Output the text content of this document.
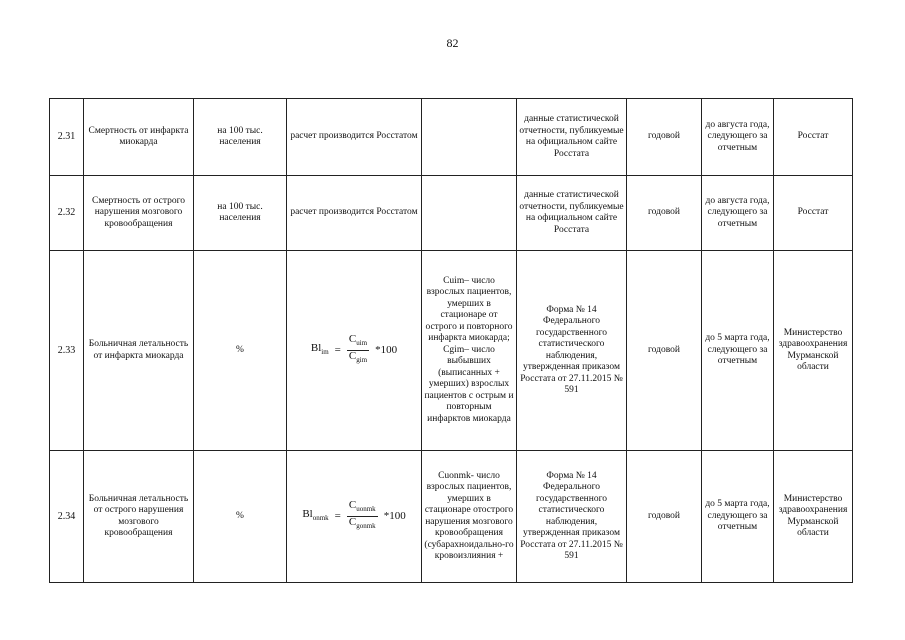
82
2.31	Смертность от инфаркта миокарда	на 100 тыс. населения	расчет производится Росстатом		данные статистической отчетности, публикуемые на официальном сайте Росстата	годовой	до августа года, следующего за отчетным	Росстат
2.32	Смертность от острого нарушения мозгового кровообращения	на 100 тыс. населения	расчет производится Росстатом		данные статистической отчетности, публикуемые на официальном сайте Росстата	годовой	до августа года, следующего за отчетным	Росстат
2.33	Больничная летальность от инфаркта миокарда	%	$Bl_{im} = \frac{C_{uim}}{C_{gim}} *100$	Cuim– число взрослых пациентов, умерших в стационаре от острого и повторного инфаркта миокарда; Cgim– число выбывших (выписанных + умерших) взрослых пациентов с острым и повторным инфарктов миокарда	Форма № 14 Федерального государственного статистического наблюдения, утвержденная приказом Росстата от 27.11.2015 № 591	годовой	до 5 марта года, следующего за отчетным	Министерство здравоохранения Мурманской области
2.34	Больничная летальность от острого нарушения мозгового кровообращения	%	$Bl_{onmk} = \frac{C_{uonmk}}{C_{gonmk}} *100$	Cuonmk- число взрослых пациентов, умерших в стационаре отострого нарушения мозгового кровообращения (субарахноидально-го кровоизлияния +	Форма № 14 Федерального государственного статистического наблюдения, утвержденная приказом Росстата от 27.11.2015 № 591	годовой	до 5 марта года, следующего за отчетным	Министерство здравоохранения Мурманской области
